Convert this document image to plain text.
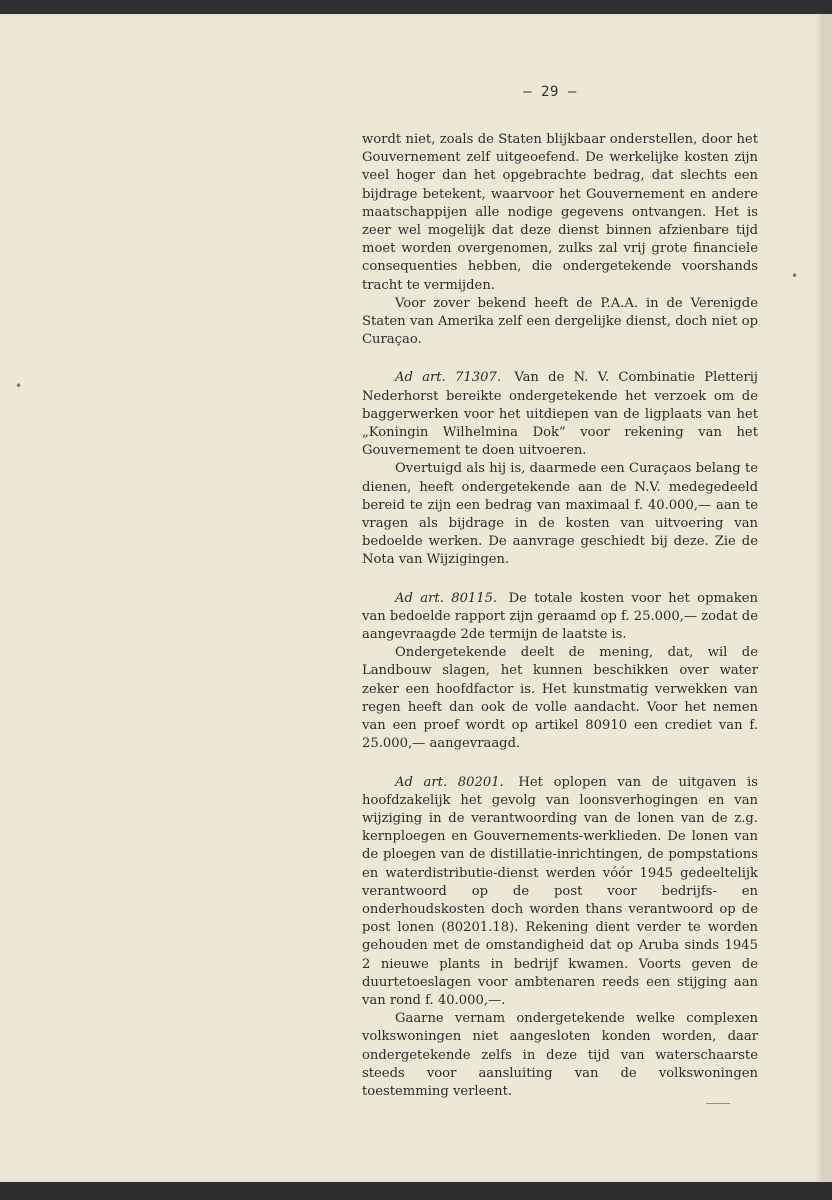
— 29 —

wordt niet, zoals de Staten blijkbaar onderstellen, door het Gouvernement zelf uitgeoefend. De werkelijke kosten zijn veel hoger dan het opgebrachte bedrag, dat slechts een bijdrage betekent, waarvoor het Gouvernement en andere maatschappijen alle nodige gegevens ontvangen. Het is zeer wel mogelijk dat deze dienst binnen afzienbare tijd moet worden overgenomen, zulks zal vrij grote financiele consequenties hebben, die ondergetekende voorshands tracht te vermijden.

Voor zover bekend heeft de P.A.A. in de Verenigde Staten van Amerika zelf een dergelijke dienst, doch niet op Curaçao.

Ad art. 71307. Van de N. V. Combinatie Pletterij Nederhorst bereikte ondergetekende het verzoek om de baggerwerken voor het uitdiepen van de ligplaats van het „Koningin Wilhelmina Dok” voor rekening van het Gouvernement te doen uitvoeren.

Overtuigd als hij is, daarmede een Curaçaos belang te dienen, heeft ondergetekende aan de N.V. medegedeeld bereid te zijn een bedrag van maximaal f. 40.000,— aan te vragen als bijdrage in de kosten van uitvoering van bedoelde werken. De aanvrage geschiedt bij deze. Zie de Nota van Wijzigingen.

Ad art. 80115. De totale kosten voor het opmaken van bedoelde rapport zijn geraamd op f. 25.000,— zodat de aangevraagde 2de termijn de laatste is.

Ondergetekende deelt de mening, dat, wil de Landbouw slagen, het kunnen beschikken over water zeker een hoofdfactor is. Het kunstmatig verwekken van regen heeft dan ook de volle aandacht. Voor het nemen van een proef wordt op artikel 80910 een crediet van f. 25.000,— aangevraagd.

Ad art. 80201. Het oplopen van de uitgaven is hoofdzakelijk het gevolg van loonsverhogingen en van wijziging in de verantwoording van de lonen van de z.g. kernploegen en Gouvernements-werklieden. De lonen van de ploegen van de distillatie-inrichtingen, de pompstations en waterdistributie-dienst werden vóór 1945 gedeeltelijk verantwoord op de post voor bedrijfs- en onderhoudskosten doch worden thans verantwoord op de post lonen (80201.18). Rekening dient verder te worden gehouden met de omstandigheid dat op Aruba sinds 1945 2 nieuwe plants in bedrijf kwamen. Voorts geven de duurtetoeslagen voor ambtenaren reeds een stijging aan van rond f. 40.000,—.

Gaarne vernam ondergetekende welke complexen volkswoningen niet aangesloten konden worden, daar ondergetekende zelfs in deze tijd van waterschaarste steeds voor aansluiting van de volkswoningen toestemming verleent.

•
•
